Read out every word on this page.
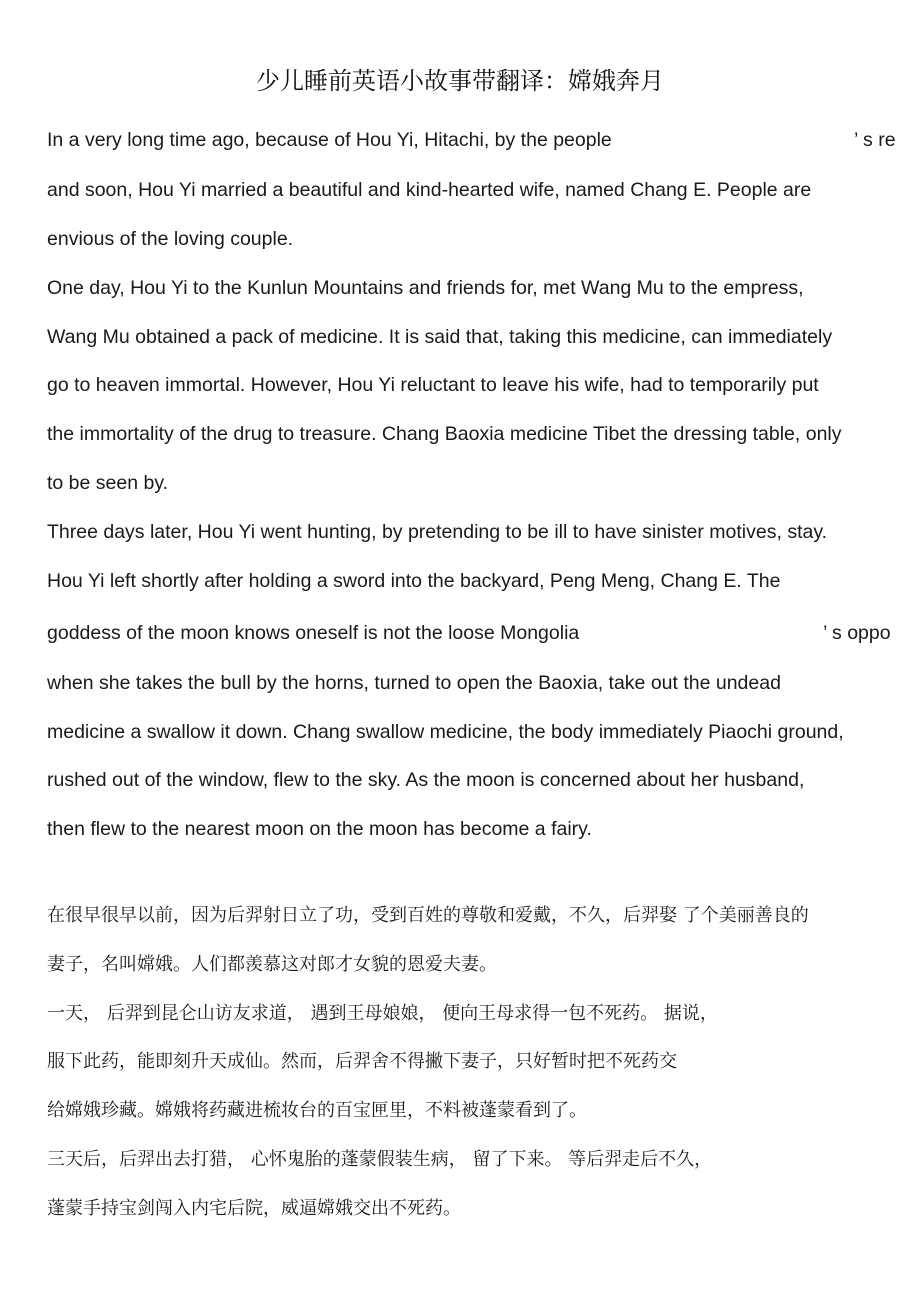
少儿睡前英语小故事带翻译：嫦娥奔月
In a very long time ago, because of Hou Yi, Hitachi, by the people	’ s re
and soon, Hou Yi married a beautiful and kind-hearted wife, named Chang E. People are
envious of the loving couple.
One day, Hou Yi to the Kunlun Mountains and friends for, met Wang Mu to the empress,
Wang Mu obtained a pack of medicine. It is said that, taking this medicine, can immediately
go to heaven immortal. However, Hou Yi reluctant to leave his wife, had to temporarily put
the immortality of the drug to treasure. Chang Baoxia medicine Tibet the dressing table, only
to be seen by.
Three days later, Hou Yi went hunting, by pretending to be ill to have sinister motives, stay.
Hou Yi left shortly after holding a sword into the backyard, Peng Meng, Chang E. The
goddess of the moon knows oneself is not the loose Mongolia	’ s oppo
when she takes the bull by the horns, turned to open the Baoxia, take out the undead
medicine a swallow it down. Chang swallow medicine, the body immediately Piaochi ground,
rushed out of the window, flew to the sky. As the moon is concerned about her husband,
then flew to the nearest moon on the moon has become a fairy.
在很早很早以前，因为后羿射日立了功，受到百姓的尊敬和爱戴，不久，后羿娶 了个美丽善良的
妻子，名叫嫦娥。人们都羡慕这对郎才女貌的恩爱夫妻。
一天， 后羿到昆仑山访友求道， 遇到王母娘娘， 便向王母求得一包不死药。 据说，
服下此药，能即刻升天成仙。然而，后羿舍不得撇下妻子，只好暂时把不死药交
给嫦娥珍藏。嫦娥将药藏进梳妆台的百宝匣里，不料被蓬蒙看到了。
三天后，后羿出去打猎， 心怀鬼胎的蓬蒙假装生病， 留了下来。 等后羿走后不久，
蓬蒙手持宝剑闯入内宅后院，威逼嫦娥交出不死药。
